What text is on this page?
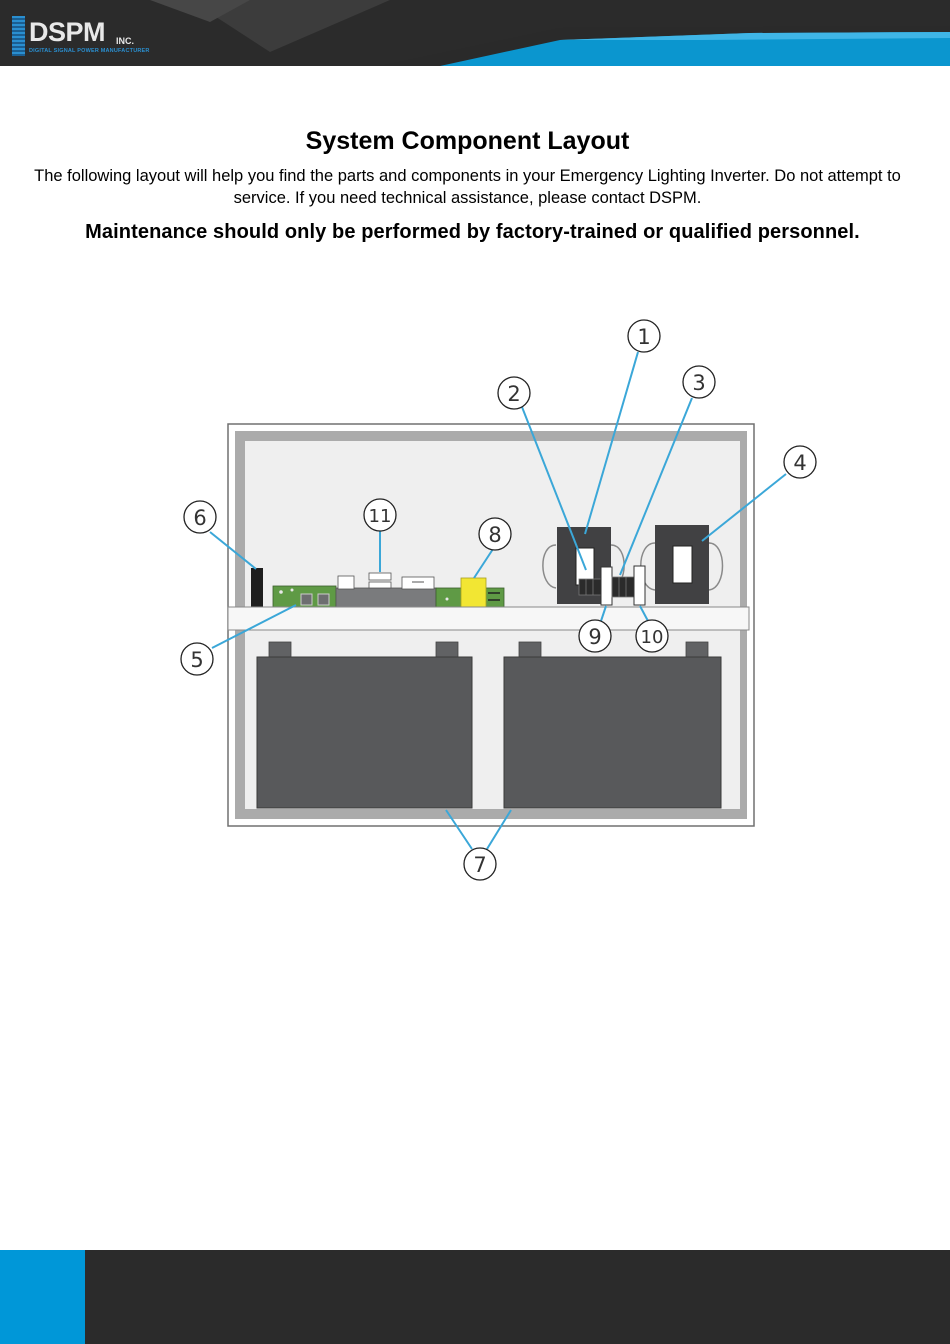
DSPM INC.
DIGITAL SIGNAL POWER MANUFACTURER
System Component Layout

The following layout will help you find the parts and components in your Emergency Lighting Inverter. Do not attempt to service. If you need technical assistance, please contact DSPM.

Maintenance should only be performed by factory-trained or qualified personnel.

1
2	3
4
5
6
7
8
9 10
11
